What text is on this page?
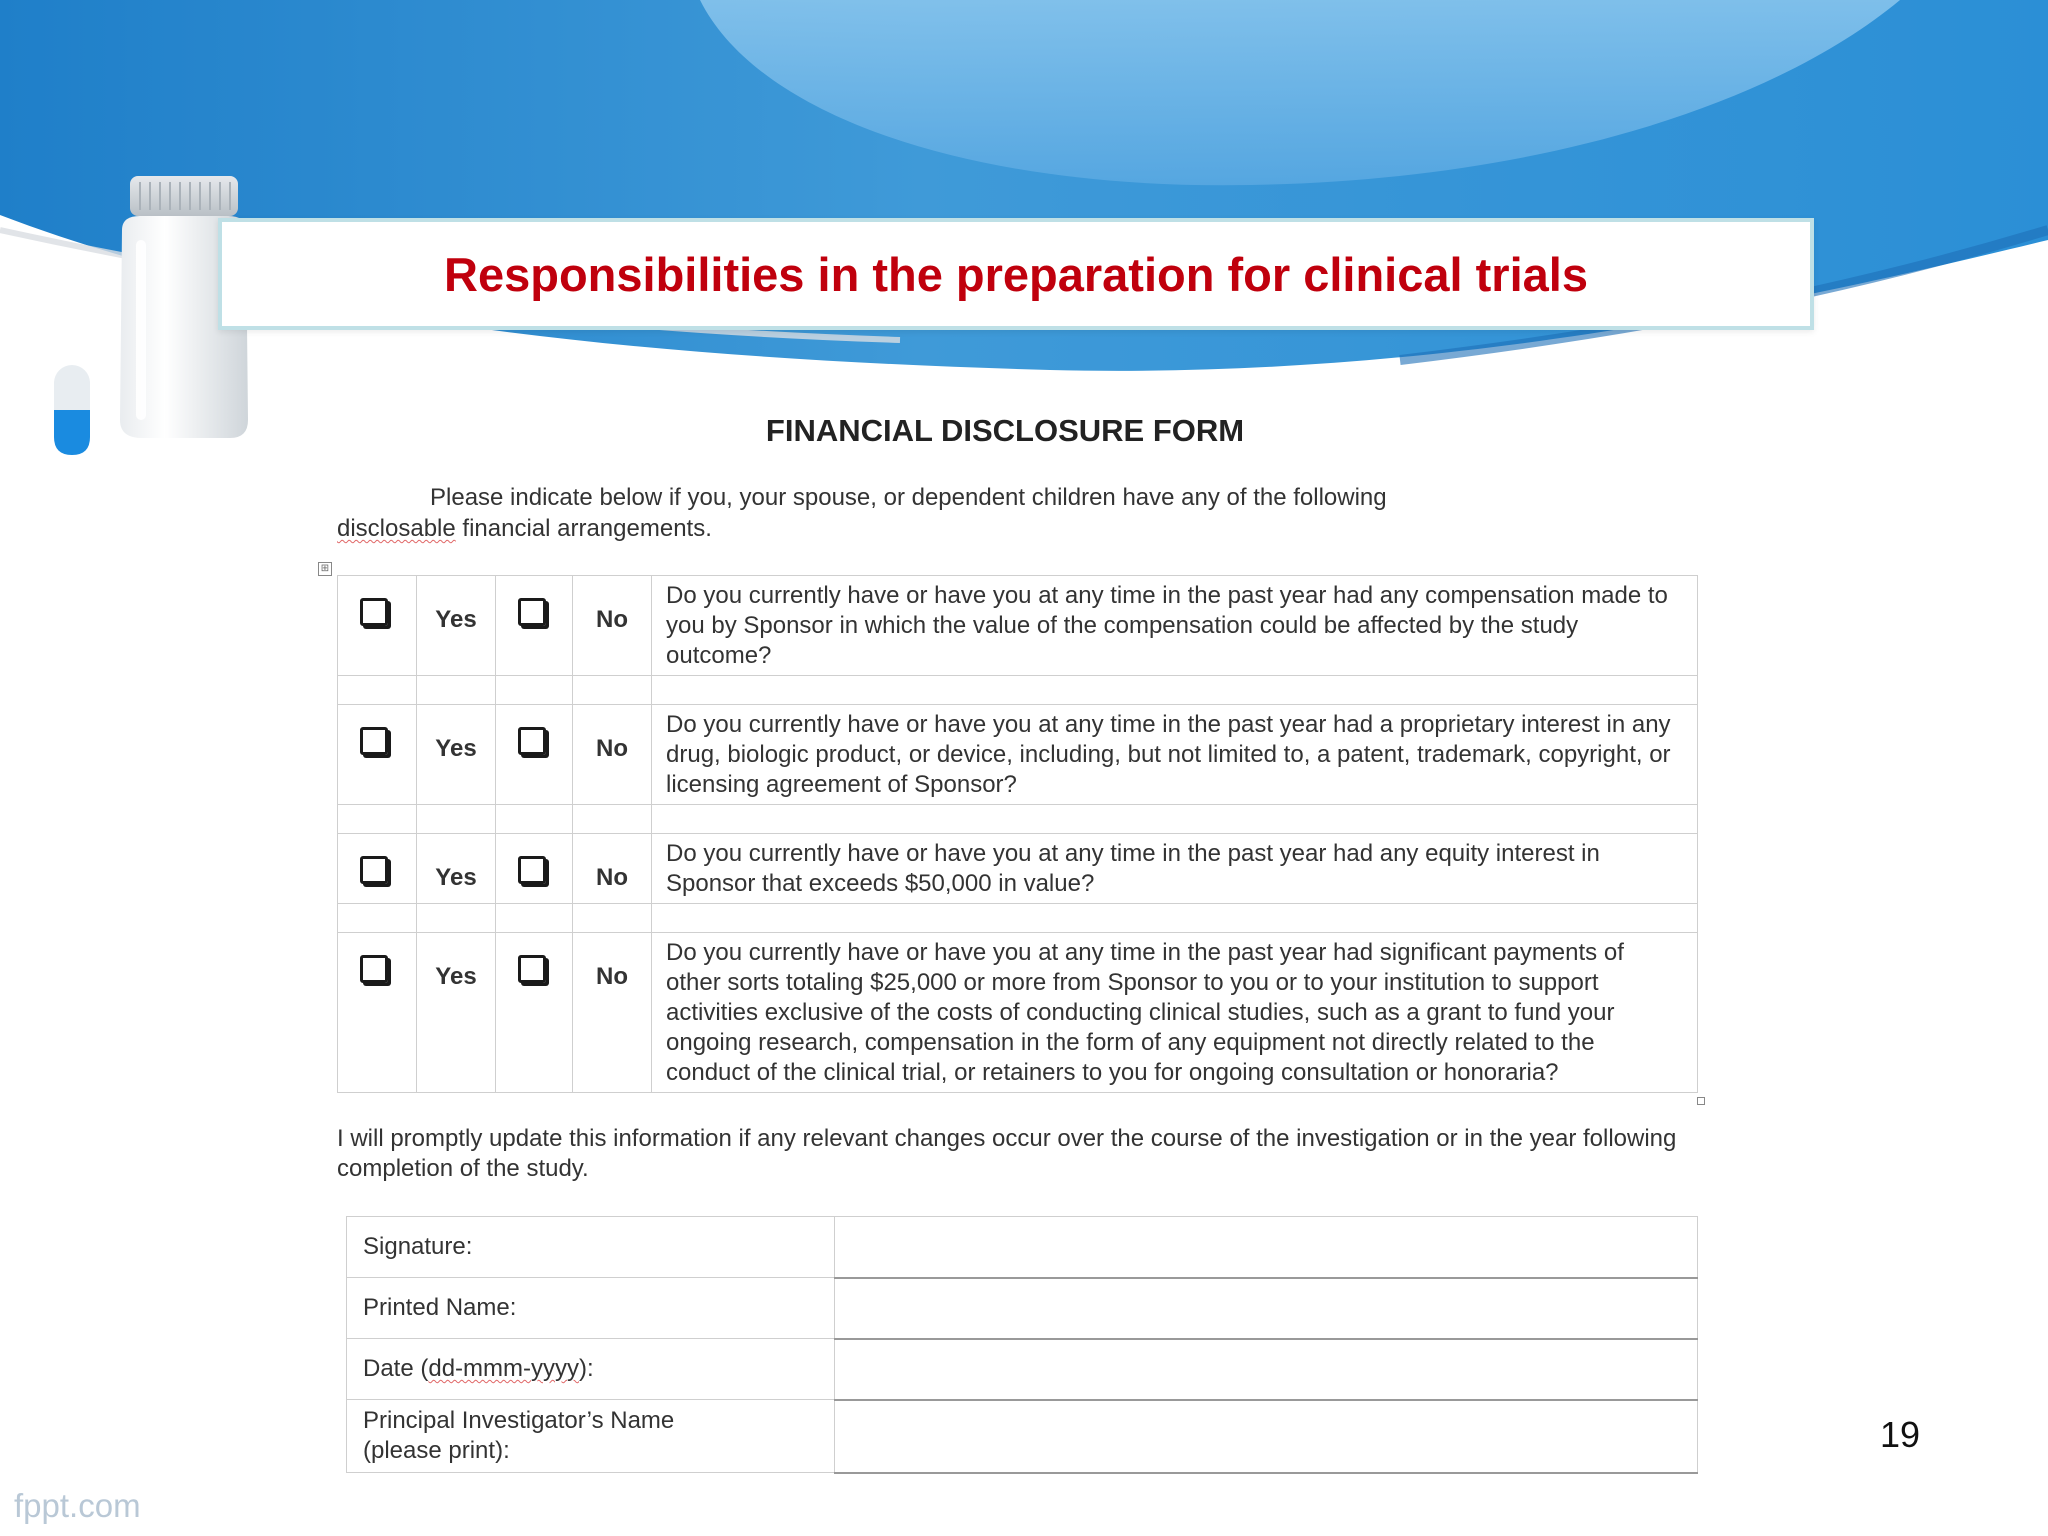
Responsibilities in the preparation for clinical trials
FINANCIAL DISCLOSURE FORM
Please indicate below if you, your spouse, or dependent children have any of the following
disclosable financial arrangements.
⊞
	Yes		No	Do you currently have or have you at any time in the past year had any compensation made to you by Sponsor in which the value of the compensation could be affected by the study outcome?

	Yes		No	Do you currently have or have you at any time in the past year had a proprietary interest in any drug, biologic product, or device, including, but not limited to, a patent, trademark, copyright, or licensing agreement of Sponsor?

	Yes		No	Do you currently have or have you at any time in the past year had any equity interest in Sponsor that exceeds $50,000 in value?

	Yes		No	Do you currently have or have you at any time in the past year had significant payments of other sorts totaling $25,000 or more from Sponsor to you or to your institution to support activities exclusive of the costs of conducting clinical studies, such as a grant to fund your ongoing research, compensation in the form of any equipment not directly related to the conduct of the clinical trial, or retainers to you for ongoing consultation or honoraria?
I will promptly update this information if any relevant changes occur over the course of the investigation or in the year following completion of the study.
Signature:	
Printed Name:	
Date (dd-mmm-yyyy):	
Principal Investigator’s Name
(please print):		19
fppt.com
